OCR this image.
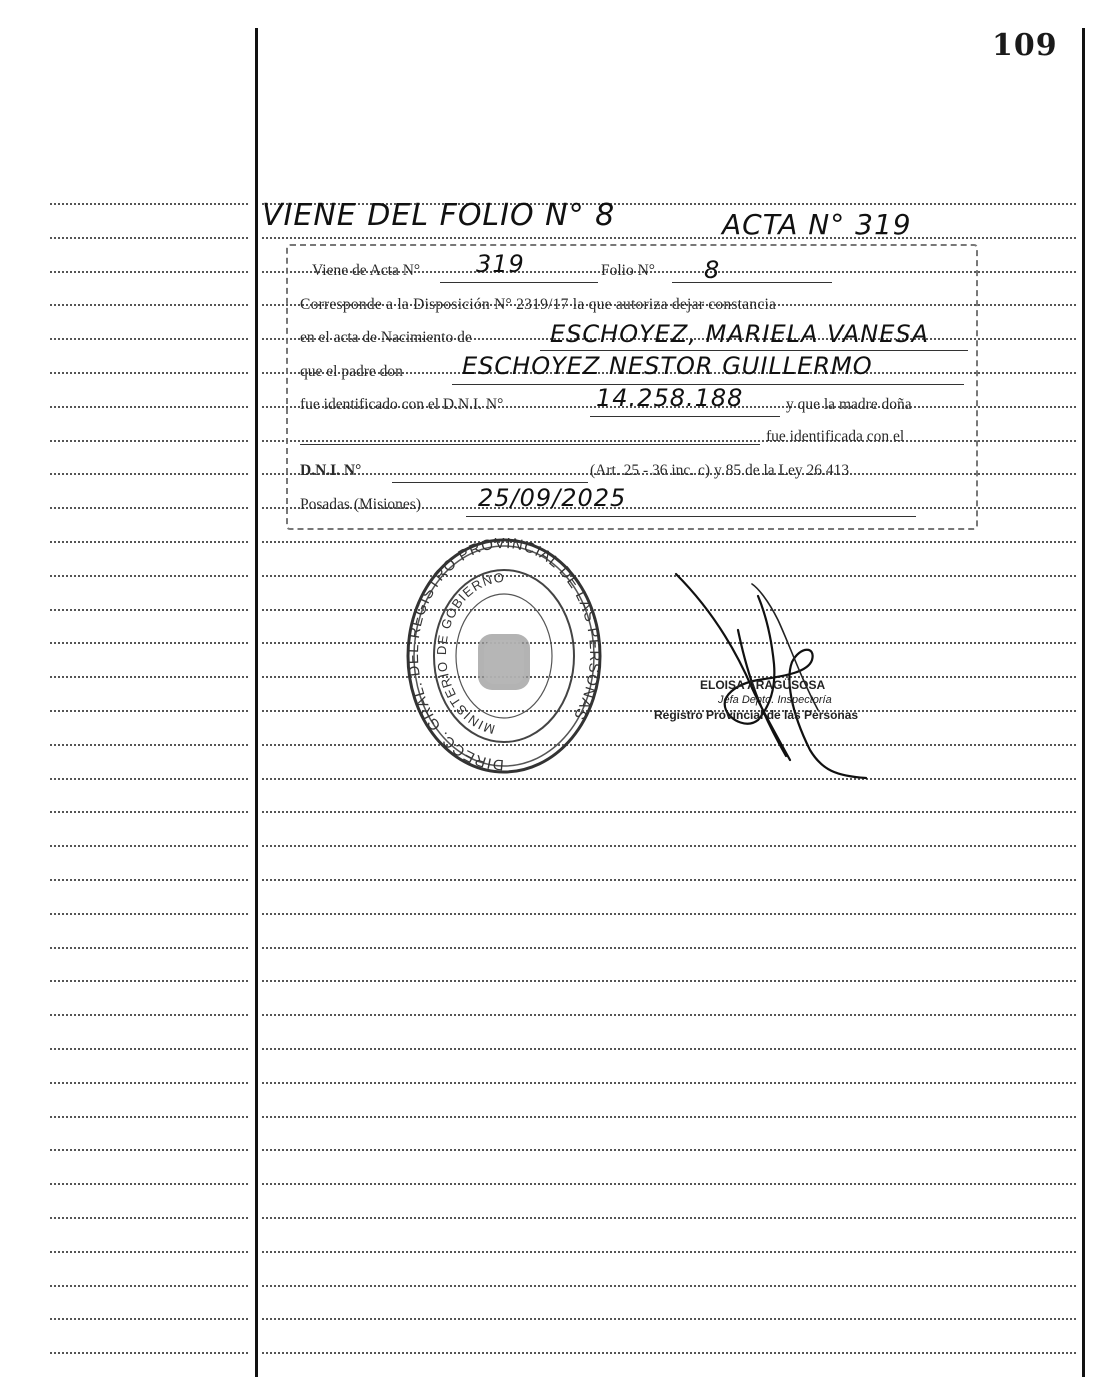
109
VIENE DEL FOLIO N° 8	ACTA N° 319
Viene de Acta N° 319	Folio N° 8
Corresponde a la Disposición N° 2319/17 la que autoriza dejar constancia
en el acta de Nacimiento de	ESCHOYEZ, MARIELA VANESA
que el padre don ESCHOYEZ NESTOR GUILLERMO
fue identificado con el D.N.I. N°	14.258.188	y que la madre doña
fue identificada con el
D.N.I. N°	(Art. 25 - 36 inc. c) y 85 de la Ley 26.413
Posadas (Misiones) 25/09/2025
DIRECC. GRAL. DEL REGISTRO PROVINCIAL DE LAS PERSONAS
MINISTERIO DE GOBIERNO
ELOISA ARAGÜSOSA
Jefa Depto. Inspectoría
Registro Provincial de las Personas
